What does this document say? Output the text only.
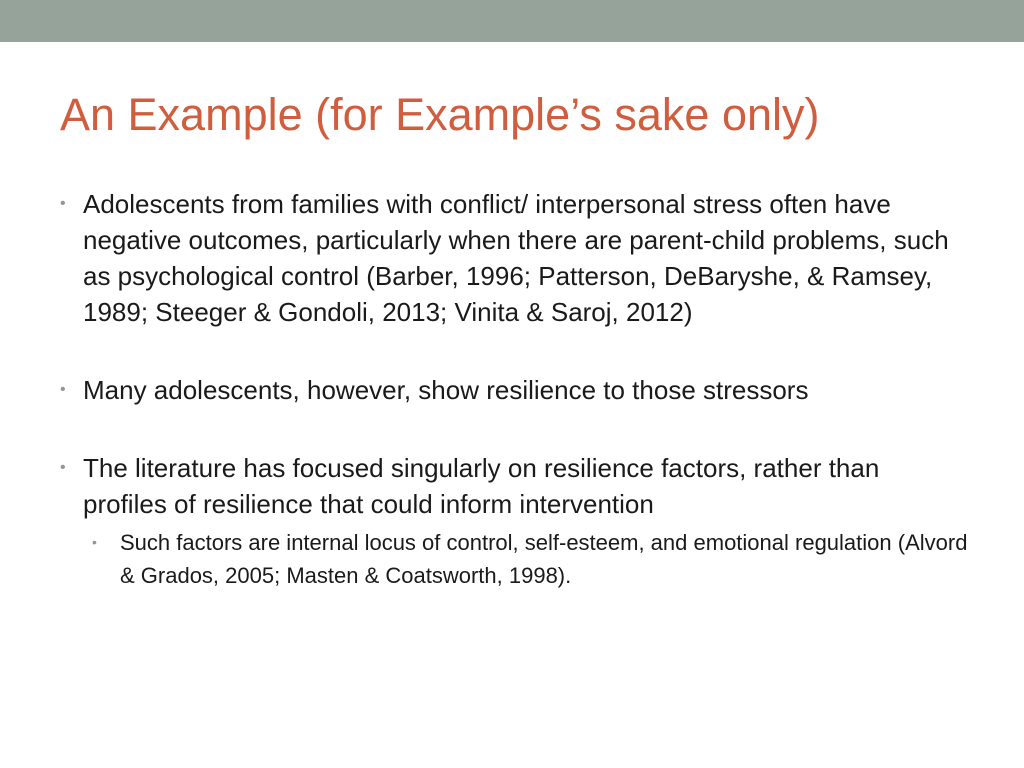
An Example (for Example’s sake only)
• Adolescents from families with conflict/ interpersonal stress often have negative outcomes, particularly when there are parent-child problems, such as psychological control (Barber, 1996; Patterson, DeBaryshe, & Ramsey, 1989; Steeger & Gondoli, 2013; Vinita & Saroj, 2012)
• Many adolescents, however, show resilience to those stressors
• The literature has focused singularly on resilience factors, rather than profiles of resilience that could inform intervention
• Such factors are internal locus of control, self-esteem, and emotional regulation (Alvord & Grados, 2005; Masten & Coatsworth, 1998).
